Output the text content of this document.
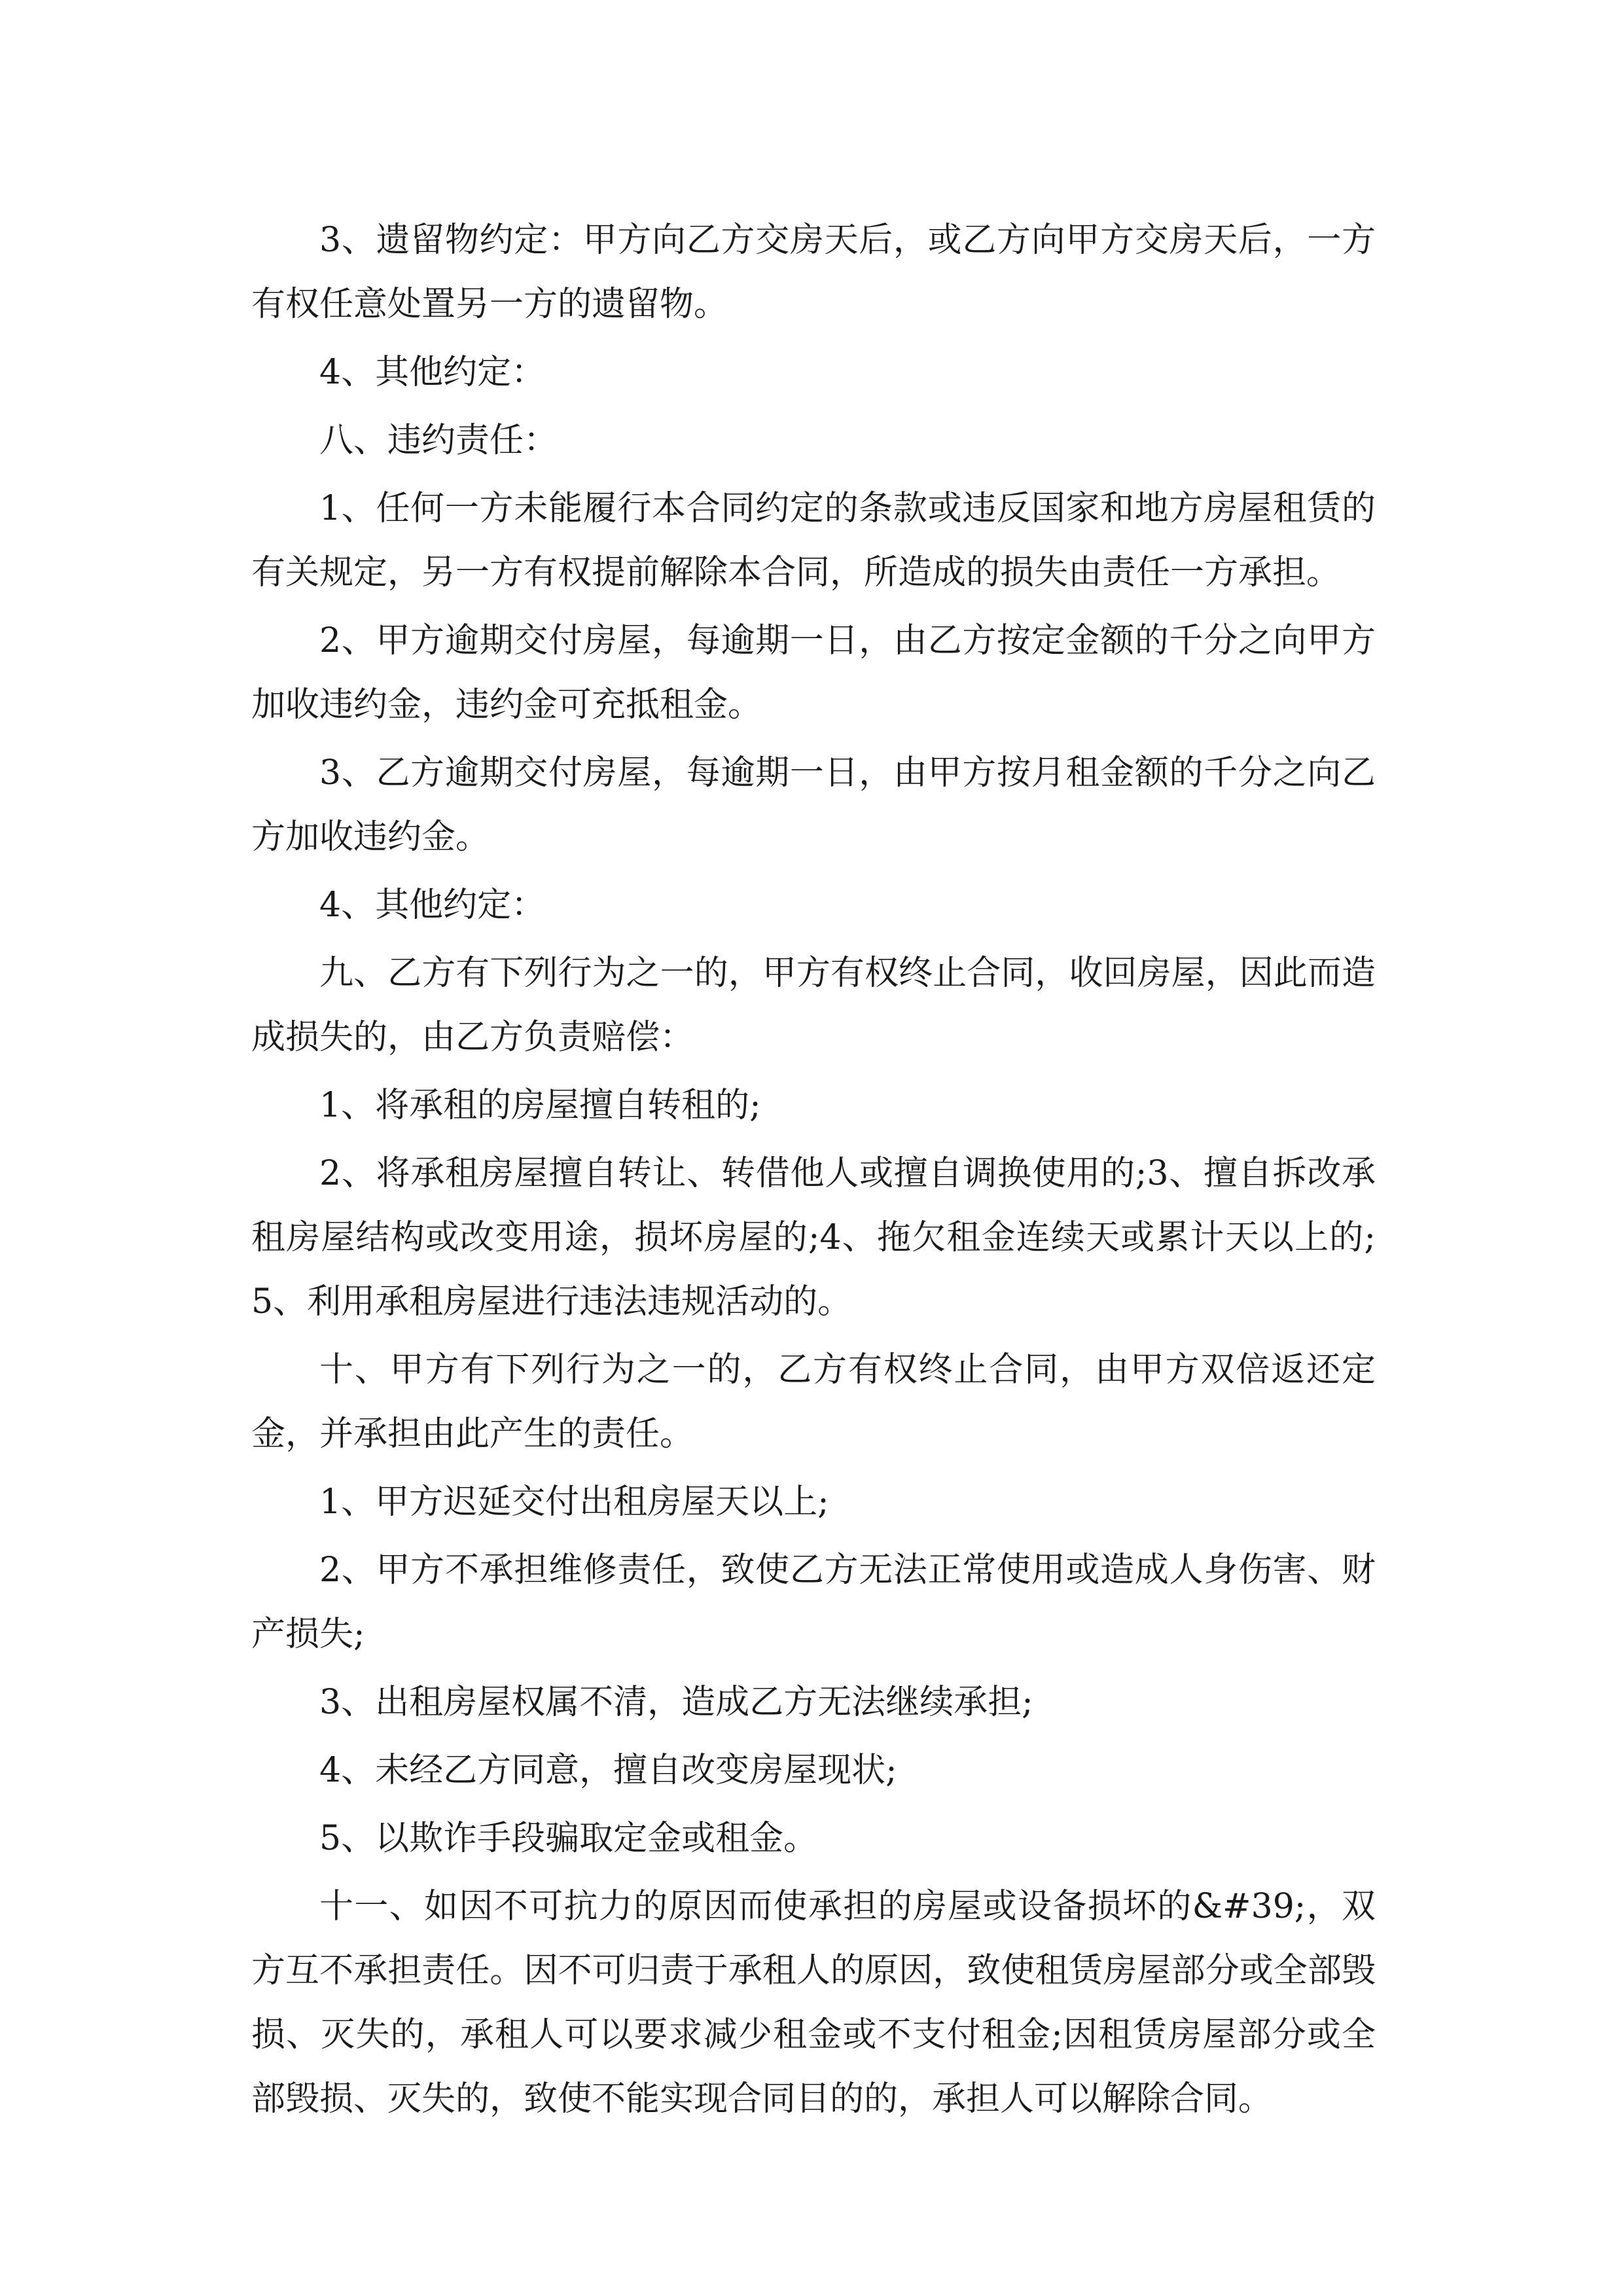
3、遗留物约定：甲方向乙方交房天后，或乙方向甲方交房天后，一方有权任意处置另一方的遗留物。

4、其他约定：

八、违约责任：

1、任何一方未能履行本合同约定的条款或违反国家和地方房屋租赁的有关规定，另一方有权提前解除本合同，所造成的损失由责任一方承担。

2、甲方逾期交付房屋，每逾期一日，由乙方按定金额的千分之向甲方加收违约金，违约金可充抵租金。

3、乙方逾期交付房屋，每逾期一日，由甲方按月租金额的千分之向乙方加收违约金。

4、其他约定：

九、乙方有下列行为之一的，甲方有权终止合同，收回房屋，因此而造成损失的，由乙方负责赔偿：

1、将承租的房屋擅自转租的;

2、将承租房屋擅自转让、转借他人或擅自调换使用的;3、擅自拆改承租房屋结构或改变用途，损坏房屋的;4、拖欠租金连续天或累计天以上的;5、利用承租房屋进行违法违规活动的。

十、甲方有下列行为之一的，乙方有权终止合同，由甲方双倍返还定金，并承担由此产生的责任。

1、甲方迟延交付出租房屋天以上;

2、甲方不承担维修责任，致使乙方无法正常使用或造成人身伤害、财产损失;

3、出租房屋权属不清，造成乙方无法继续承担;

4、未经乙方同意，擅自改变房屋现状;

5、以欺诈手段骗取定金或租金。

十一、如因不可抗力的原因而使承担的房屋或设备损坏的&#39;，双方互不承担责任。因不可归责于承租人的原因，致使租赁房屋部分或全部毁损、灭失的，承租人可以要求减少租金或不支付租金;因租赁房屋部分或全部毁损、灭失的，致使不能实现合同目的的，承担人可以解除合同。
